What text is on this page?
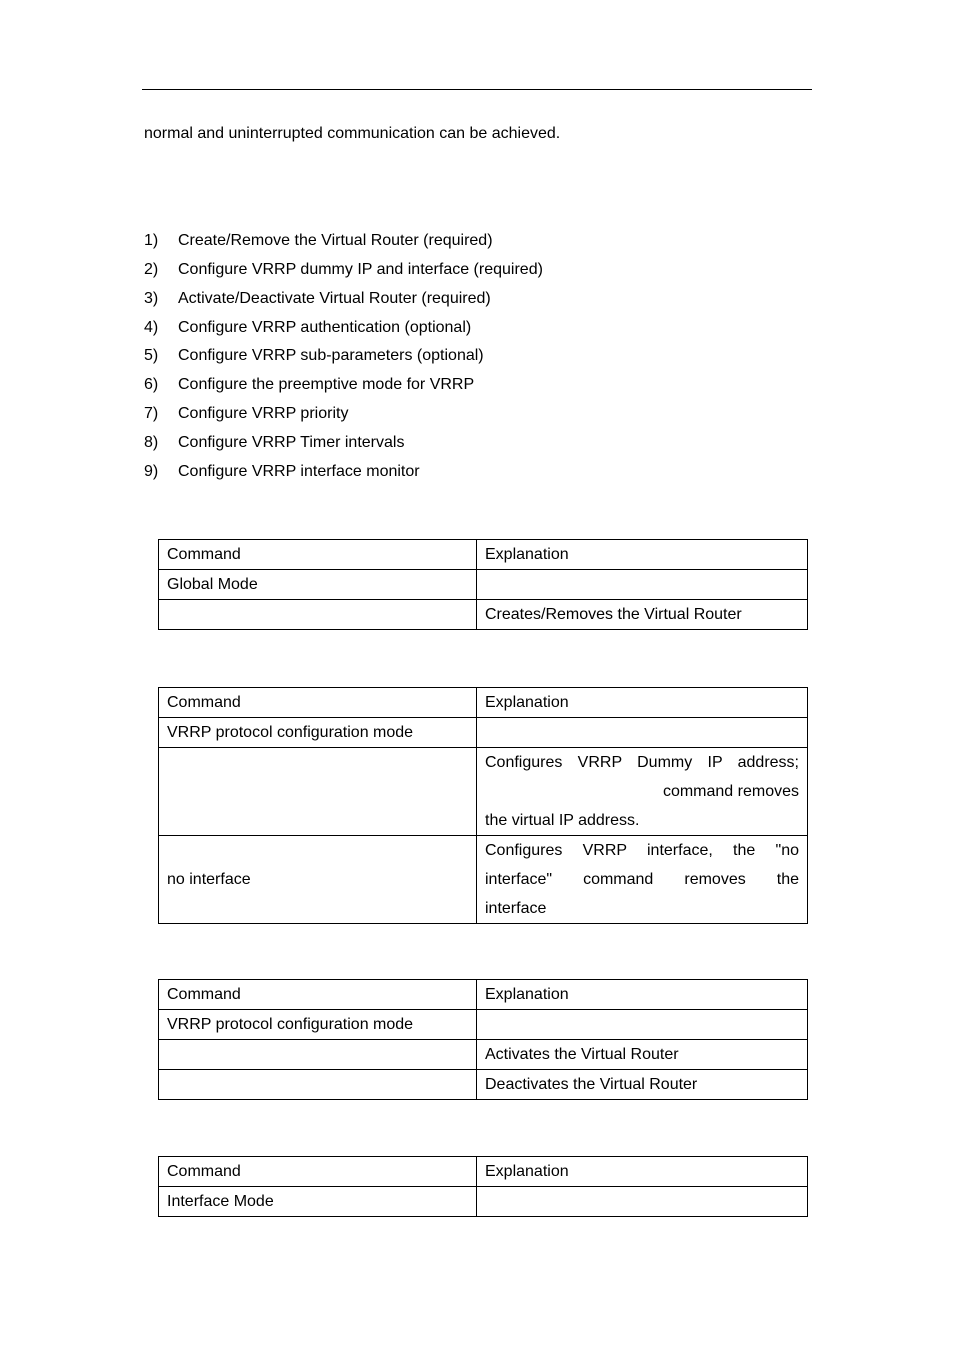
normal and uninterrupted communication can be achieved.
1)	Create/Remove the Virtual Router (required)
2)	Configure VRRP dummy IP and interface (required)
3)	Activate/Deactivate Virtual Router (required)
4)	Configure VRRP authentication (optional)
5)	Configure VRRP sub-parameters (optional)
6)	Configure the preemptive mode for VRRP
7)	Configure VRRP priority
8)	Configure VRRP Timer intervals
9)	Configure VRRP interface monitor
Command	Explanation
Global Mode	
	Creates/Removes the Virtual Router
Command	Explanation
VRRP protocol configuration mode	

	Configures VRRP Dummy IP address;
command removes
the virtual IP address.

no interface	Configures VRRP interface, the "no
interface" command removes the
interface
Command	Explanation
VRRP protocol configuration mode	
	Activates the Virtual Router
	Deactivates the Virtual Router
Command	Explanation
Interface Mode	
